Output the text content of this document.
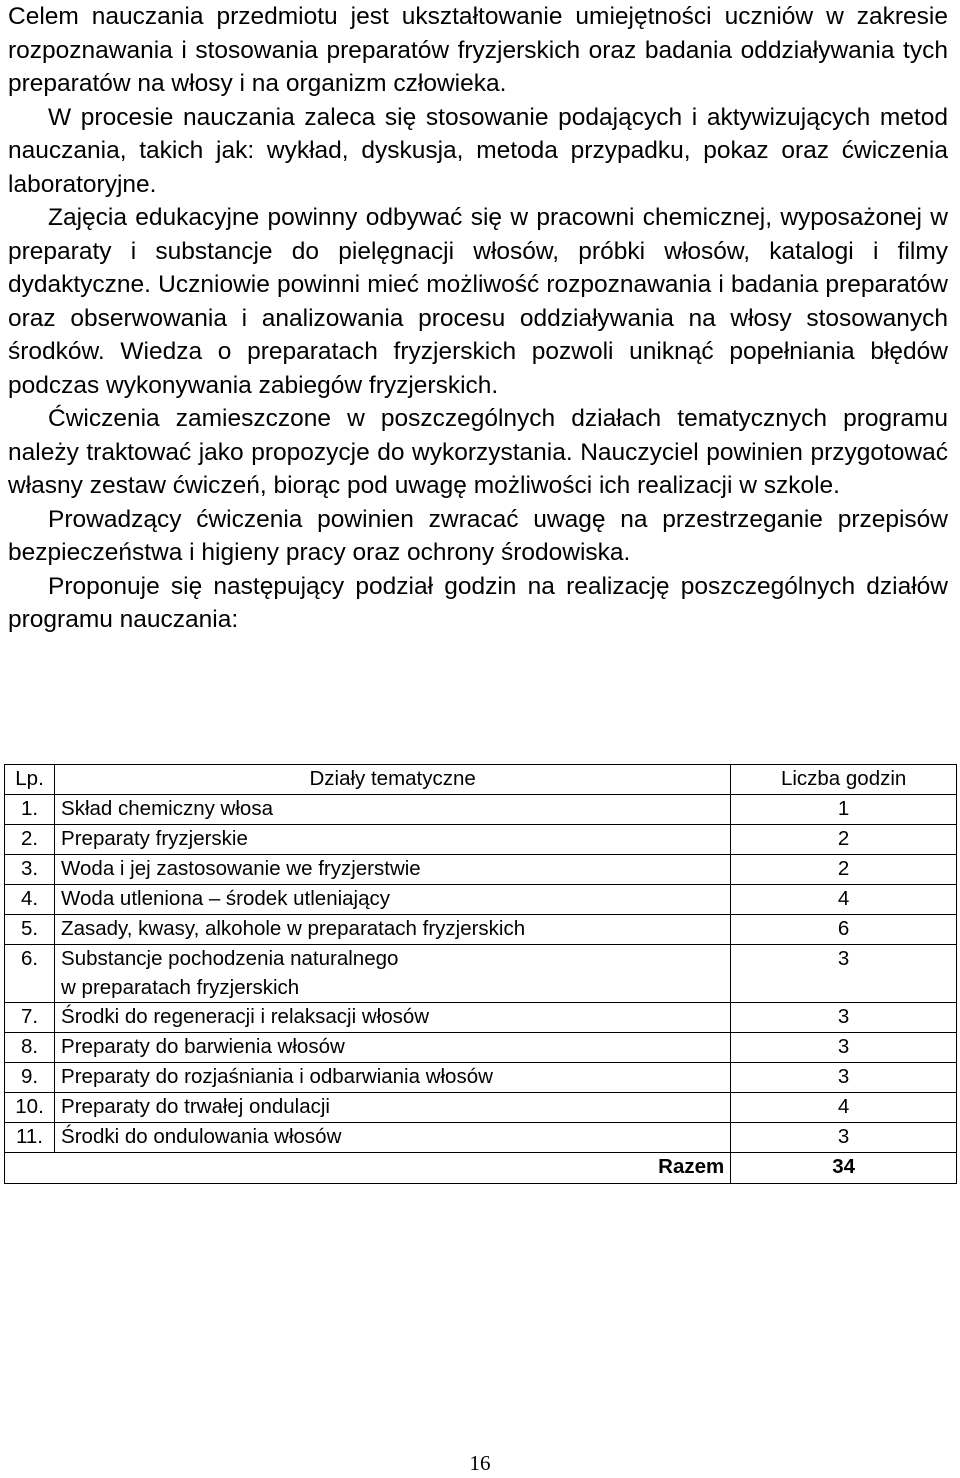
Celem nauczania przedmiotu jest ukształtowanie umiejętności uczniów w zakresie rozpoznawania i stosowania preparatów fryzjerskich oraz badania oddziaływania tych preparatów na włosy i na organizm człowieka.

W procesie nauczania zaleca się stosowanie podających i aktywizujących metod nauczania, takich jak: wykład, dyskusja, metoda przypadku, pokaz oraz ćwiczenia laboratoryjne.

Zajęcia edukacyjne powinny odbywać się w pracowni chemicznej, wyposażonej w preparaty i substancje do pielęgnacji włosów, próbki włosów, katalogi i filmy dydaktyczne. Uczniowie powinni mieć możliwość rozpoznawania i badania preparatów oraz obserwowania i analizowania procesu oddziaływania na włosy stosowanych środków. Wiedza o preparatach fryzjerskich pozwoli uniknąć popełniania błędów podczas wykonywania zabiegów fryzjerskich.

Ćwiczenia zamieszczone w poszczególnych działach tematycznych programu należy traktować jako propozycje do wykorzystania. Nauczyciel powinien przygotować własny zestaw ćwiczeń, biorąc pod uwagę możliwości ich realizacji w szkole.

Prowadzący ćwiczenia powinien zwracać uwagę na przestrzeganie przepisów bezpieczeństwa i higieny pracy oraz ochrony środowiska.

Proponuje się następujący podział godzin na realizację poszczególnych działów programu nauczania:

Lp.	Działy tematyczne	Liczba godzin
1.	Skład chemiczny włosa	1
2.	Preparaty fryzjerskie	2
3.	Woda i jej zastosowanie we fryzjerstwie	2
4.	Woda utleniona – środek utleniający	4
5.	Zasady, kwasy, alkohole w preparatach fryzjerskich	6
6.	Substancje pochodzenia naturalnego
w preparatach fryzjerskich	3
7.	Środki do regeneracji i relaksacji włosów	3
8.	Preparaty do barwienia włosów	3
9.	Preparaty do rozjaśniania i odbarwiania włosów	3
10.	Preparaty do trwałej ondulacji	4
11.	Środki do ondulowania włosów	3
	Razem	34
16
